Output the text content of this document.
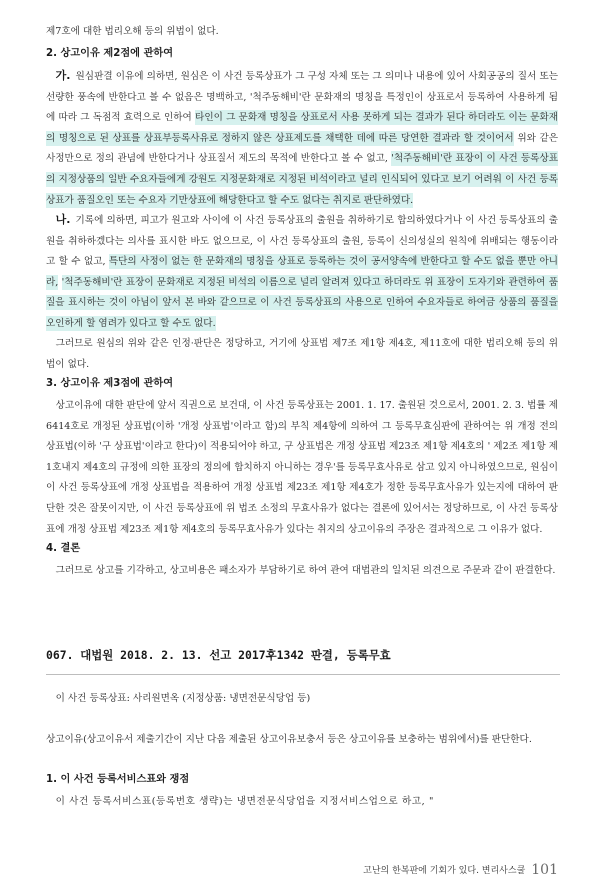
제7호에 대한 법리오해 등의 위법이 없다.

2. 상고이유 제2점에 관하여

가. 원심판결 이유에 의하면, 원심은 이 사건 등록상표가 그 구성 자체 또는 그 의미나 내용에 있어 사회공공의 질서 또는 선량한 풍속에 반한다고 볼 수 없음은 명백하고, '척주동해비'란 문화재의 명칭을 특정인이 상표로서 등록하여 사용하게 됨에 따라 그 독점적 효력으로 인하여 타인이 그 문화재 명칭을 상표로서 사용 못하게 되는 결과가 된다 하더라도 이는 문화재의 명칭으로 된 상표를 상표부등록사유로 정하지 않은 상표제도를 채택한 데에 따른 당연한 결과라 할 것이어서 위와 같은 사정만으로 정의 관념에 반한다거나 상표질서 제도의 목적에 반한다고 볼 수 없고, '척주동해비'란 표장이 이 사건 등록상표의 지정상품의 일반 수요자들에게 강원도 지정문화재로 지정된 비석이라고 널리 인식되어 있다고 보기 어려워 이 사건 등록상표가 품질오인 또는 수요자 기만상표에 해당한다고 할 수도 없다는 취지로 판단하였다.

나. 기록에 의하면, 피고가 원고와 사이에 이 사건 등록상표의 출원을 취하하기로 합의하였다거나 이 사건 등록상표의 출원을 취하하겠다는 의사를 표시한 바도 없으므로, 이 사건 등록상표의 출원, 등록이 신의성실의 원칙에 위배되는 행동이라고 할 수 없고, 특단의 사정이 없는 한 문화재의 명칭을 상표로 등록하는 것이 공서양속에 반한다고 할 수도 없을 뿐만 아니라, '척주동해비'란 표장이 문화재로 지정된 비석의 이름으로 널리 알려져 있다고 하더라도 위 표장이 도자기와 관련하여 품질을 표시하는 것이 아님이 앞서 본 바와 같으므로 이 사건 등록상표의 사용으로 인하여 수요자들로 하여금 상품의 품질을 오인하게 할 염려가 있다고 할 수도 없다.

그러므로 원심의 위와 같은 인정·판단은 정당하고, 거기에 상표법 제7조 제1항 제4호, 제11호에 대한 법리오해 등의 위법이 없다.

3. 상고이유 제3점에 관하여

상고이유에 대한 판단에 앞서 직권으로 보건대, 이 사건 등록상표는 2001. 1. 17. 출원된 것으로서, 2001. 2. 3. 법률 제6414호로 개정된 상표법(이하 '개정 상표법'이라고 함)의 부칙 제4항에 의하여 그 등록무효심판에 관하여는 위 개정 전의 상표법(이하 '구 상표법'이라고 한다)이 적용되어야 하고, 구 상표법은 개정 상표법 제23조 제1항 제4호의 ' 제2조 제1항 제1호내지 제4호의 규정에 의한 표장의 정의에 합치하지 아니하는 경우'를 등록무효사유로 삼고 있지 아니하였으므로, 원심이 이 사건 등록상표에 개정 상표법을 적용하여 개정 상표법 제23조 제1항 제4호가 정한 등록무효사유가 있는지에 대하여 판단한 것은 잘못이지만, 이 사건 등록상표에 위 법조 소정의 무효사유가 없다는 결론에 있어서는 정당하므로, 이 사건 등록상표에 개정 상표법 제23조 제1항 제4호의 등록무효사유가 있다는 취지의 상고이유의 주장은 결과적으로 그 이유가 없다.

4. 결론

그러므로 상고를 기각하고, 상고비용은 패소자가 부담하기로 하여 관여 대법관의 일치된 의견으로 주문과 같이 판결한다.

067. 대법원 2018. 2. 13. 선고 2017후1342 판결, 등록무효

이 사건 등록상표: 사리원면옥 (지정상품: 냉면전문식당업 등)

상고이유(상고이유서 제출기간이 지난 다음 제출된 상고이유보충서 등은 상고이유를 보충하는 범위에서)를 판단한다.

1. 이 사건 등록서비스표와 쟁점

이 사건 등록서비스표(등록번호 생략)는 냉면전문식당업을 지정서비스업으로 하고, "

고난의 한복판에 기회가 있다. 변리사스쿨 101
